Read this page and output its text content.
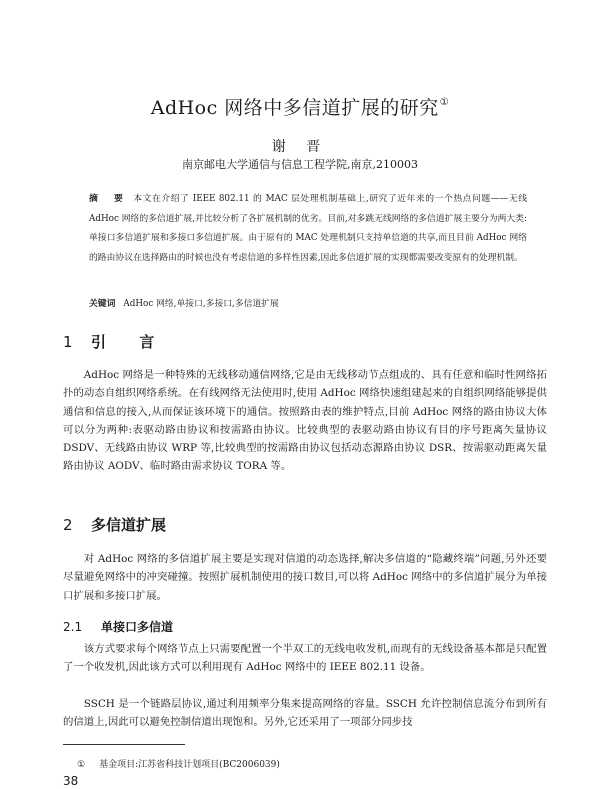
AdHoc 网络中多信道扩展的研究①
谢 晋
南京邮电大学通信与信息工程学院,南京,210003
摘 要 本文在介绍了 IEEE 802.11 的 MAC 层处理机制基础上,研究了近年来的一个热点问题——无线 AdHoc 网络的多信道扩展,并比较分析了各扩展机制的优劣。目前,对多跳无线网络的多信道扩展主要分为两大类:单接口多信道扩展和多接口多信道扩展。由于原有的 MAC 处理机制只支持单信道的共享,而且目前 AdHoc 网络的路由协议在选择路由的时候也没有考虑信道的多样性因素,因此多信道扩展的实现都需要改变原有的处理机制。
关键词 AdHoc 网络,单接口,多接口,多信道扩展
1 引 言
AdHoc 网络是一种特殊的无线移动通信网络,它是由无线移动节点组成的、具有任意和临时性网络拓扑的动态自组织网络系统。在有线网络无法使用时,使用 AdHoc 网络快速组建起来的自组织网络能够提供通信和信息的接入,从而保证该环境下的通信。按照路由表的维护特点,目前 AdHoc 网络的路由协议大体可以分为两种:表驱动路由协议和按需路由协议。比较典型的表驱动路由协议有目的序号距离矢量协议 DSDV、无线路由协议 WRP 等,比较典型的按需路由协议包括动态源路由协议 DSR、按需驱动距离矢量路由协议 AODV、临时路由需求协议 TORA 等。
2 多信道扩展
对 AdHoc 网络的多信道扩展主要是实现对信道的动态选择,解决多信道的“隐藏终端”问题,另外还要尽量避免网络中的冲突碰撞。按照扩展机制使用的接口数目,可以将 AdHoc 网络中的多信道扩展分为单接口扩展和多接口扩展。
2.1 单接口多信道
该方式要求每个网络节点上只需要配置一个半双工的无线电收发机,而现有的无线设备基本都是只配置了一个收发机,因此该方式可以利用现有 AdHoc 网络中的 IEEE 802.11 设备。
SSCH 是一个链路层协议,通过利用频率分集来提高网络的容量。SSCH 允许控制信息流分布到所有的信道上,因此可以避免控制信道出现饱和。另外,它还采用了一项部分同步技
① 基金项目:江苏省科技计划项目(BC2006039)
38
